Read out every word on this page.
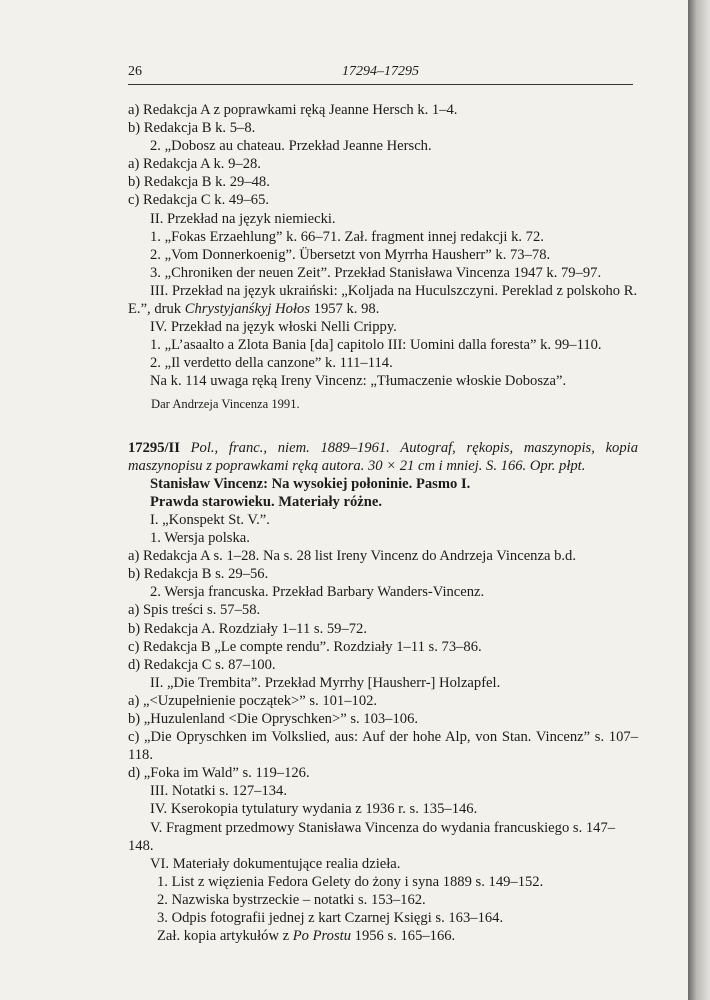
26	17294–17295
a) Redakcja A z poprawkami ręką Jeanne Hersch k. 1–4.
b) Redakcja B k. 5–8.
2. „Dobosz au chateau. Przekład Jeanne Hersch.
a) Redakcja A k. 9–28.
b) Redakcja B k. 29–48.
c) Redakcja C k. 49–65.
II. Przekład na język niemiecki.
1. „Fokas Erzaehlung” k. 66–71. Zał. fragment innej redakcji k. 72.
2. „Vom Donnerkoenig”. Übersetzt von Myrrha Hausherr” k. 73–78.
3. „Chroniken der neuen Zeit”. Przekład Stanisława Vincenza 1947 k. 79–97.
III. Przekład na język ukraiński: „Koljada na Huculszczyni. Pereklad z polskoho R. E.”, druk Chrystyjanśkyj Hołos 1957 k. 98.
IV. Przekład na język włoski Nelli Crippy.
1. „L’asaalto a Zlota Bania [da] capitolo III: Uomini dalla foresta” k. 99–110.
2. „Il verdetto della canzone” k. 111–114.
Na k. 114 uwaga ręką Ireny Vincenz: „Tłumaczenie włoskie Dobosza”.
Dar Andrzeja Vincenza 1991.
17295/II Pol., franc., niem. 1889–1961. Autograf, rękopis, maszynopis, kopia maszynopisu z poprawkami ręką autora. 30 × 21 cm i mniej. S. 166. Opr. płpt.
Stanisław Vincenz: Na wysokiej połoninie. Pasmo I.
Prawda starowieku. Materiały różne.
I. „Konspekt St. V.”.
1. Wersja polska.
a) Redakcja A s. 1–28. Na s. 28 list Ireny Vincenz do Andrzeja Vincenza b.d.
b) Redakcja B s. 29–56.
2. Wersja francuska. Przekład Barbary Wanders-Vincenz.
a) Spis treści s. 57–58.
b) Redakcja A. Rozdziały 1–11 s. 59–72.
c) Redakcja B „Le compte rendu”. Rozdziały 1–11 s. 73–86.
d) Redakcja C s. 87–100.
II. „Die Trembita”. Przekład Myrrhy [Hausherr-] Holzapfel.
a) „<Uzupełnienie początek>” s. 101–102.
b) „Huzulenland <Die Opryschken>” s. 103–106.
c) „Die Opryschken im Volkslied, aus: Auf der hohe Alp, von Stan. Vincenz” s. 107–118.
d) „Foka im Wald” s. 119–126.
III. Notatki s. 127–134.
IV. Kserokopia tytulatury wydania z 1936 r. s. 135–146.
V. Fragment przedmowy Stanisława Vincenza do wydania francuskiego s. 147–148.
VI. Materiały dokumentujące realia dzieła.
1. List z więzienia Fedora Gelety do żony i syna 1889 s. 149–152.
2. Nazwiska bystrzeckie – notatki s. 153–162.
3. Odpis fotografii jednej z kart Czarnej Księgi s. 163–164.
Zał. kopia artykułów z Po Prostu 1956 s. 165–166.
